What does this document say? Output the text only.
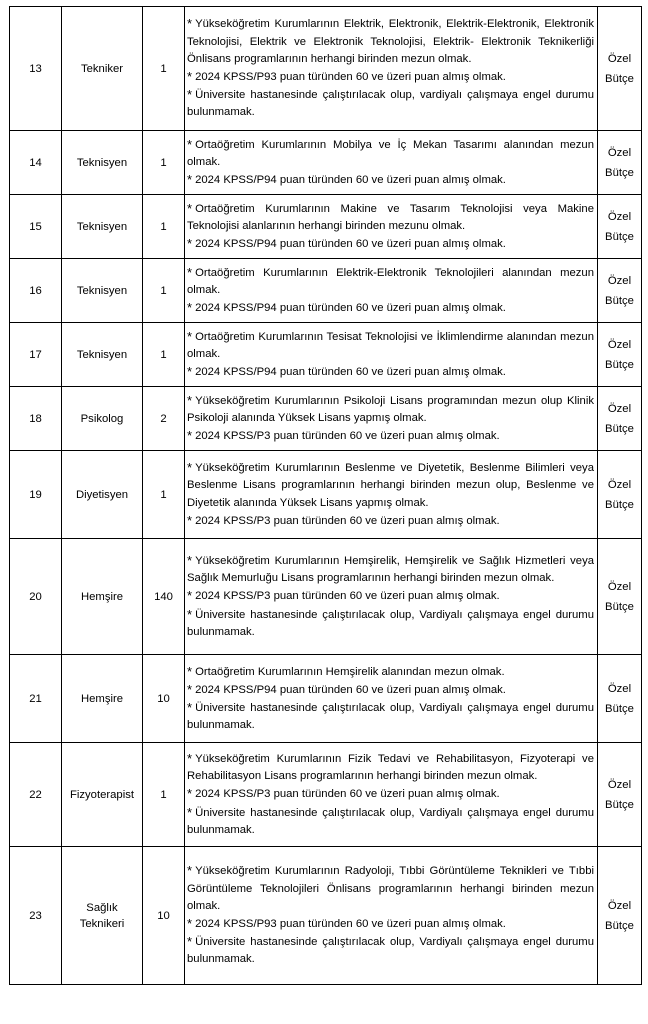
13	Tekniker	1	* Yükseköğretim Kurumlarının Elektrik, Elektronik, Elektrik-Elektronik, Elektronik Teknolojisi, Elektrik ve Elektronik Teknolojisi, Elektrik- Elektronik Teknikerliği Önlisans programlarının herhangi birinden mezun olmak.
* 2024 KPSS/P93 puan türünden 60 ve üzeri puan almış olmak.
* Üniversite hastanesinde çalıştırılacak olup, vardiyalı çalışmaya engel durumu bulunmamak.	Özel Bütçe
14	Teknisyen	1	* Ortaöğretim Kurumlarının Mobilya ve İç Mekan Tasarımı alanından mezun olmak.
* 2024 KPSS/P94 puan türünden 60 ve üzeri puan almış olmak.	Özel Bütçe
15	Teknisyen	1	* Ortaöğretim Kurumlarının Makine ve Tasarım Teknolojisi veya Makine Teknolojisi alanlarının herhangi birinden mezunu olmak.
* 2024 KPSS/P94 puan türünden 60 ve üzeri puan almış olmak.	Özel Bütçe
16	Teknisyen	1	* Ortaöğretim Kurumlarının Elektrik-Elektronik Teknolojileri alanından mezun olmak.
* 2024 KPSS/P94 puan türünden 60 ve üzeri puan almış olmak.	Özel Bütçe
17	Teknisyen	1	* Ortaöğretim Kurumlarının Tesisat Teknolojisi ve İklimlendirme alanından mezun olmak.
* 2024 KPSS/P94 puan türünden 60 ve üzeri puan almış olmak.	Özel Bütçe
18	Psikolog	2	* Yükseköğretim Kurumlarının Psikoloji Lisans programından mezun olup Klinik Psikoloji alanında Yüksek Lisans yapmış olmak.
* 2024 KPSS/P3 puan türünden 60 ve üzeri puan almış olmak.	Özel Bütçe
19	Diyetisyen	1	* Yükseköğretim Kurumlarının Beslenme ve Diyetetik, Beslenme Bilimleri veya Beslenme Lisans programlarının herhangi birinden mezun olup, Beslenme ve Diyetetik alanında Yüksek Lisans yapmış olmak.
* 2024 KPSS/P3 puan türünden 60 ve üzeri puan almış olmak.	Özel Bütçe
20	Hemşire	140	* Yükseköğretim Kurumlarının Hemşirelik, Hemşirelik ve Sağlık Hizmetleri veya Sağlık Memurluğu Lisans programlarının herhangi birinden mezun olmak.
* 2024 KPSS/P3 puan türünden 60 ve üzeri puan almış olmak.
* Üniversite hastanesinde çalıştırılacak olup, Vardiyalı çalışmaya engel durumu bulunmamak.	Özel Bütçe
21	Hemşire	10	* Ortaöğretim Kurumlarının Hemşirelik alanından mezun olmak.
* 2024 KPSS/P94 puan türünden 60 ve üzeri puan almış olmak.
* Üniversite hastanesinde çalıştırılacak olup, Vardiyalı çalışmaya engel durumu bulunmamak.	Özel Bütçe
22	Fizyoterapist	1	* Yükseköğretim Kurumlarının Fizik Tedavi ve Rehabilitasyon, Fizyoterapi ve Rehabilitasyon Lisans programlarının herhangi birinden mezun olmak.
* 2024 KPSS/P3 puan türünden 60 ve üzeri puan almış olmak.
* Üniversite hastanesinde çalıştırılacak olup, Vardiyalı çalışmaya engel durumu bulunmamak.	Özel Bütçe
23	Sağlık Teknikeri	10	* Yükseköğretim Kurumlarının Radyoloji, Tıbbi Görüntüleme Teknikleri ve Tıbbi Görüntüleme Teknolojileri Önlisans programlarının herhangi birinden mezun olmak.
* 2024 KPSS/P93 puan türünden 60 ve üzeri puan almış olmak.
* Üniversite hastanesinde çalıştırılacak olup, Vardiyalı çalışmaya engel durumu bulunmamak.	Özel Bütçe
